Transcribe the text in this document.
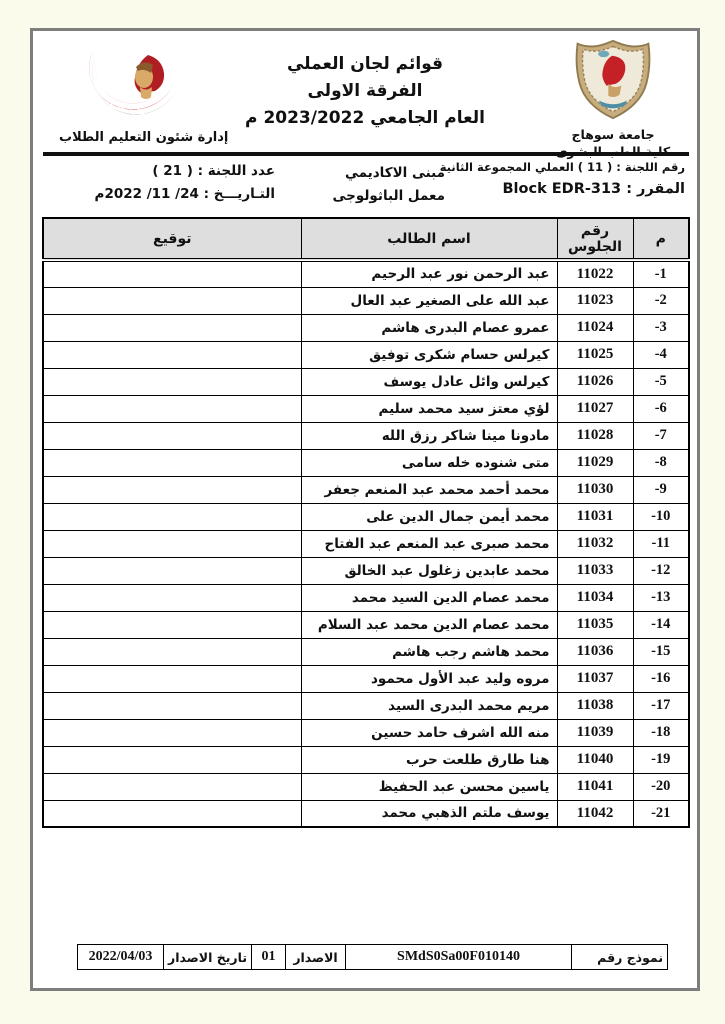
جامعة سوهاج
كلية الطب
إدارة شئون التعليم الطلاب
قوائم لجان العملي
الفرقة الاولى
العام الجامعي 2023/2022 م
جامعة سوهاج
رقم اللجنة : ( 11 ) العملي المجموعة الثانية
المقرر : Block EDR-313
مبنى الاكاديمي
معمل الباثولوجى
عدد اللجنة : ( 21 )
التـاريـــخ : 24/ 11/ 2022م
م	رقم الجلوس	اسم الطالب	توقيع
-1	11022	عبد الرحمن نور عبد الرحيم	
-2	11023	عبد الله على الصغير عبد العال	
-3	11024	عمرو عصام البدرى هاشم	
-4	11025	كيرلس حسام شكرى توفيق	
-5	11026	كيرلس وائل عادل يوسف	
-6	11027	لؤي معتز سيد محمد سليم	
-7	11028	مادونا مينا شاكر رزق الله	
-8	11029	متى شنوده خله سامى	
-9	11030	محمد أحمد محمد عبد المنعم جعفر	
-10	11031	محمد أيمن جمال الدين على	
-11	11032	محمد صبرى عبد المنعم عبد الفتاح	
-12	11033	محمد عابدين زغلول عبد الخالق	
-13	11034	محمد عصام الدين السيد محمد	
-14	11035	محمد عصام الدين محمد عبد السلام	
-15	11036	محمد هاشم رجب هاشم	
-16	11037	مروه وليد عبد الأول محمود	
-17	11038	مريم محمد البدرى السيد	
-18	11039	منه الله اشرف حامد حسين	
-19	11040	هنا طارق طلعت حرب	
-20	11041	ياسين محسن عبد الحفيظ	
-21	11042	يوسف ملتم الذهبي محمد	
نموذج رقم	SMdS0Sa00F010140	الاصدار	01	تاريخ الاصدار	2022/04/03
